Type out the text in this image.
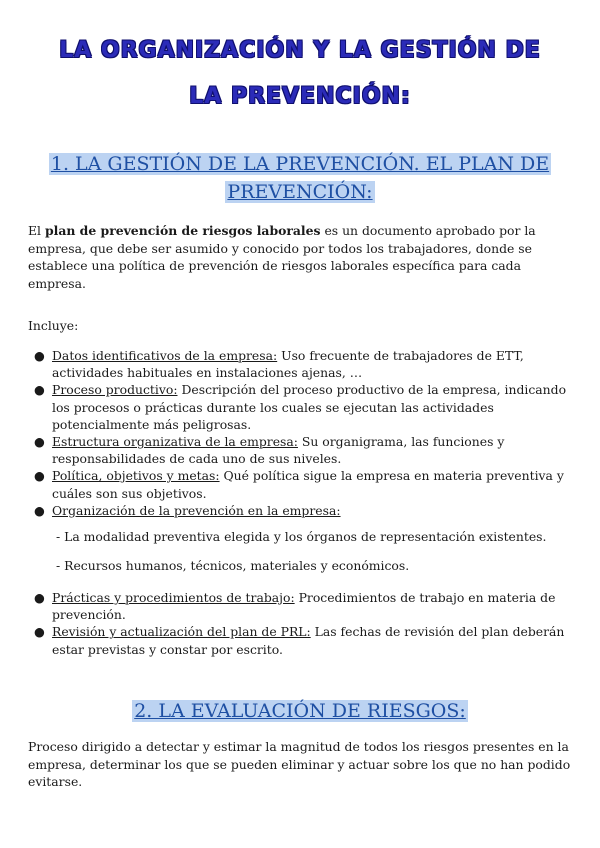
LA ORGANIZACIÓN Y LA GESTIÓN DE
LA PREVENCIÓN:
1. LA GESTIÓN DE LA PREVENCIÓN. EL PLAN DE
PREVENCIÓN:
El plan de prevención de riesgos laborales es un documento aprobado por la empresa, que debe ser asumido y conocido por todos los trabajadores, donde se establece una política de prevención de riesgos laborales específica para cada empresa.
Incluye:
● Datos identificativos de la empresa: Uso frecuente de trabajadores de ETT, actividades habituales en instalaciones ajenas, …
● Proceso productivo: Descripción del proceso productivo de la empresa, indicando los procesos o prácticas durante los cuales se ejecutan las actividades potencialmente más peligrosas.
● Estructura organizativa de la empresa: Su organigrama, las funciones y responsabilidades de cada uno de sus niveles.
● Política, objetivos y metas: Qué política sigue la empresa en materia preventiva y cuáles son sus objetivos.
● Organización de la prevención en la empresa:
- La modalidad preventiva elegida y los órganos de representación existentes.
- Recursos humanos, técnicos, materiales y económicos.
● Prácticas y procedimientos de trabajo: Procedimientos de trabajo en materia de prevención.
● Revisión y actualización del plan de PRL: Las fechas de revisión del plan deberán estar previstas y constar por escrito.
2. LA EVALUACIÓN DE RIESGOS:
Proceso dirigido a detectar y estimar la magnitud de todos los riesgos presentes en la empresa, determinar los que se pueden eliminar y actuar sobre los que no han podido evitarse.
